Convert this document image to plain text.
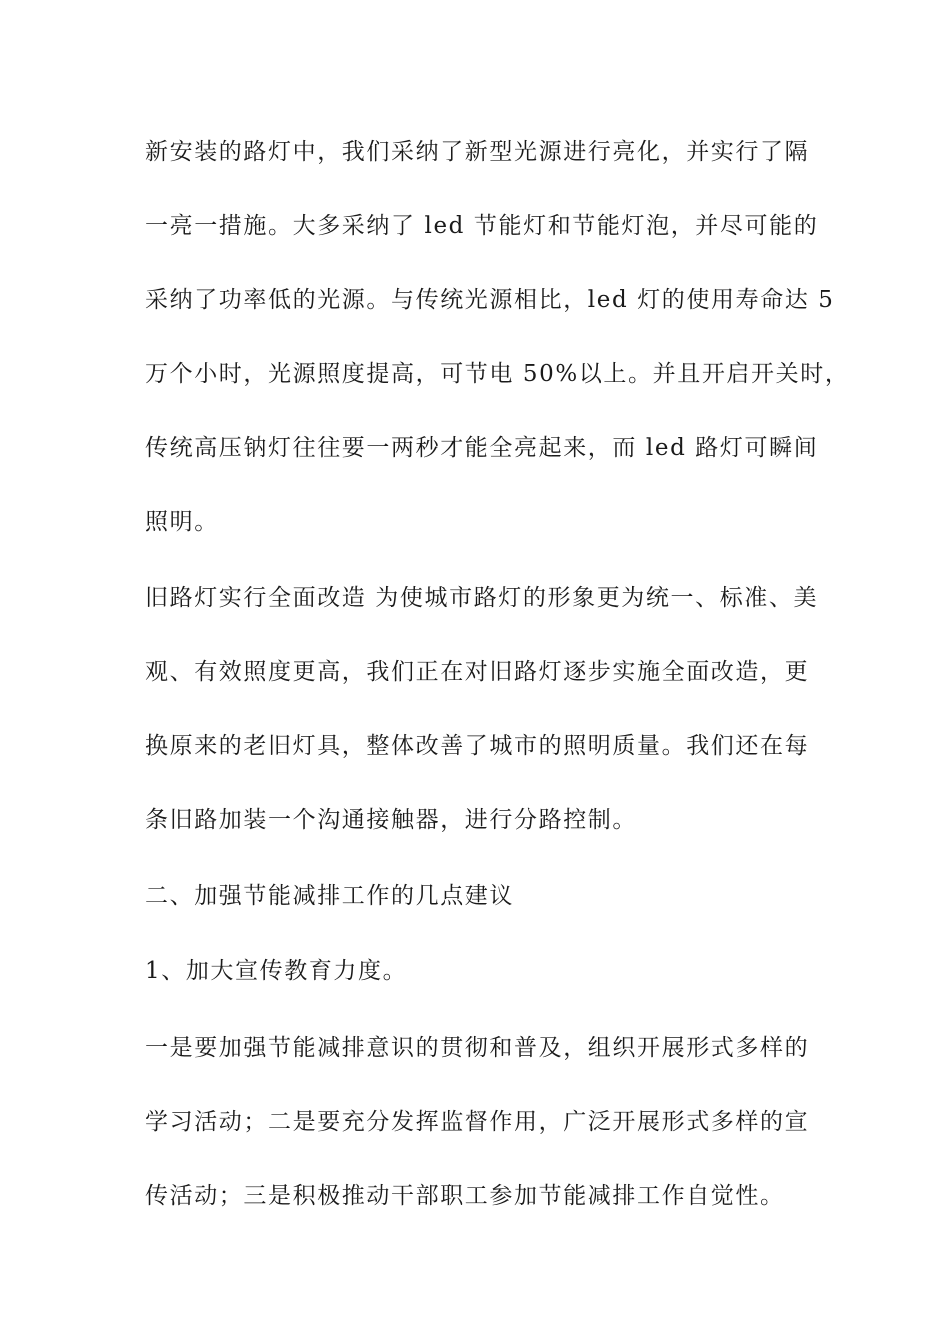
新安装的路灯中，我们采纳了新型光源进行亮化，并实行了隔
一亮一措施。大多采纳了 led 节能灯和节能灯泡，并尽可能的
采纳了功率低的光源。与传统光源相比，led 灯的使用寿命达 5
万个小时，光源照度提高，可节电 50%以上。并且开启开关时，
传统高压钠灯往往要一两秒才能全亮起来，而 led 路灯可瞬间
照明。
旧路灯实行全面改造 为使城市路灯的形象更为统一、标准、美
观、有效照度更高，我们正在对旧路灯逐步实施全面改造，更
换原来的老旧灯具，整体改善了城市的照明质量。我们还在每
条旧路加装一个沟通接触器，进行分路控制。
二、加强节能减排工作的几点建议
1、加大宣传教育力度。
一是要加强节能减排意识的贯彻和普及，组织开展形式多样的
学习活动；二是要充分发挥监督作用，广泛开展形式多样的宣
传活动；三是积极推动干部职工参加节能减排工作自觉性。
